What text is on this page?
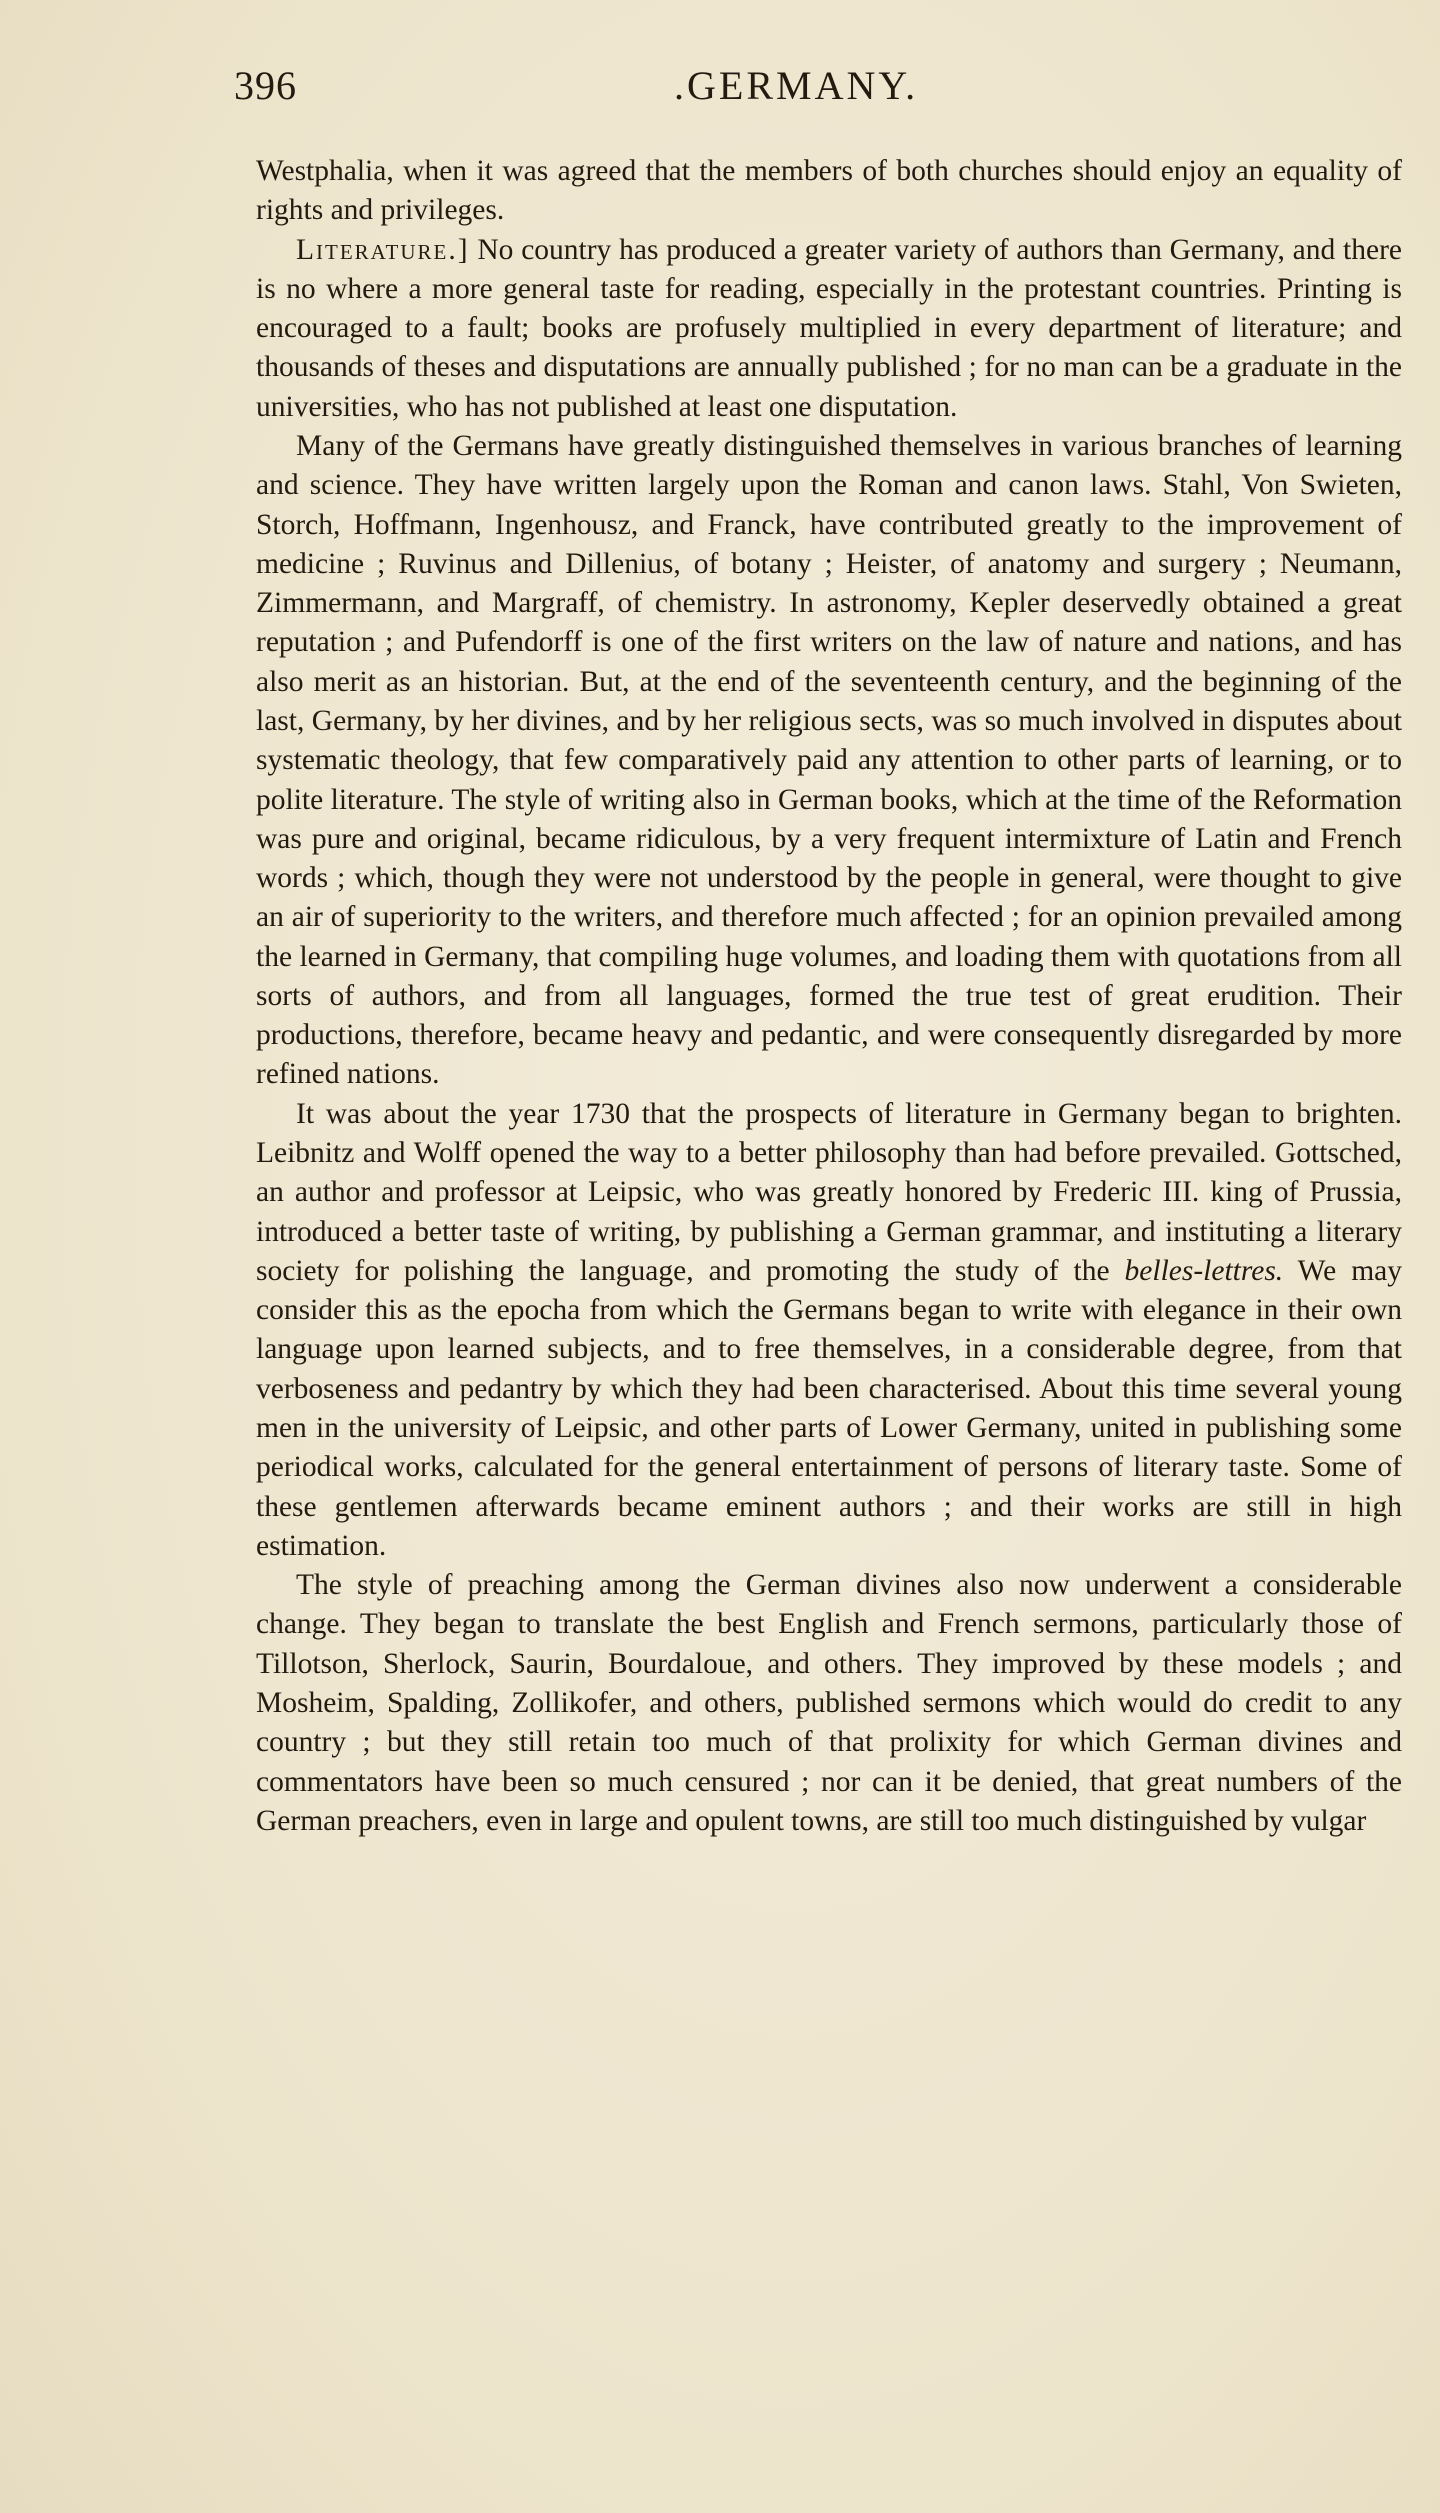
396	.GERMANY.

Westphalia, when it was agreed that the members of both churches should enjoy an equality of rights and privileges.

Literature.] No country has produced a greater variety of authors than Germany, and there is no where a more general taste for reading, especially in the protestant countries. Printing is encouraged to a fault; books are profusely multiplied in every department of literature; and thousands of theses and disputations are annually published ; for no man can be a graduate in the universities, who has not published at least one disputation.

Many of the Germans have greatly distinguished themselves in various branches of learning and science. They have written largely upon the Roman and canon laws. Stahl, Von Swieten, Storch, Hoffmann, Ingenhousz, and Franck, have contributed greatly to the improvement of medicine ; Ruvinus and Dillenius, of botany ; Heister, of anatomy and surgery ; Neumann, Zimmermann, and Margraff, of chemistry. In astronomy, Kepler deservedly obtained a great reputation ; and Pufendorff is one of the first writers on the law of nature and nations, and has also merit as an historian. But, at the end of the seventeenth century, and the beginning of the last, Germany, by her divines, and by her religious sects, was so much involved in disputes about systematic theology, that few comparatively paid any attention to other parts of learning, or to polite literature. The style of writing also in German books, which at the time of the Reformation was pure and original, became ridiculous, by a very frequent intermixture of Latin and French words ; which, though they were not understood by the people in general, were thought to give an air of superiority to the writers, and therefore much affected ; for an opinion prevailed among the learned in Germany, that compiling huge volumes, and loading them with quotations from all sorts of authors, and from all languages, formed the true test of great erudition. Their productions, therefore, became heavy and pedantic, and were consequently disregarded by more refined nations.

It was about the year 1730 that the prospects of literature in Germany began to brighten. Leibnitz and Wolff opened the way to a better philosophy than had before prevailed. Gottsched, an author and professor at Leipsic, who was greatly honored by Frederic III. king of Prussia, introduced a better taste of writing, by publishing a German grammar, and instituting a literary society for polishing the language, and promoting the study of the belles-lettres. We may consider this as the epocha from which the Germans began to write with elegance in their own language upon learned subjects, and to free themselves, in a considerable degree, from that verboseness and pedantry by which they had been characterised. About this time several young men in the university of Leipsic, and other parts of Lower Germany, united in publishing some periodical works, calculated for the general entertainment of persons of literary taste. Some of these gentlemen afterwards became eminent authors ; and their works are still in high estimation.

The style of preaching among the German divines also now underwent a considerable change. They began to translate the best English and French sermons, particularly those of Tillotson, Sherlock, Saurin, Bourdaloue, and others. They improved by these models ; and Mosheim, Spalding, Zollikofer, and others, published sermons which would do credit to any country ; but they still retain too much of that prolixity for which German divines and commentators have been so much censured ; nor can it be denied, that great numbers of the German preachers, even in large and opulent towns, are still too much distinguished by vulgar
